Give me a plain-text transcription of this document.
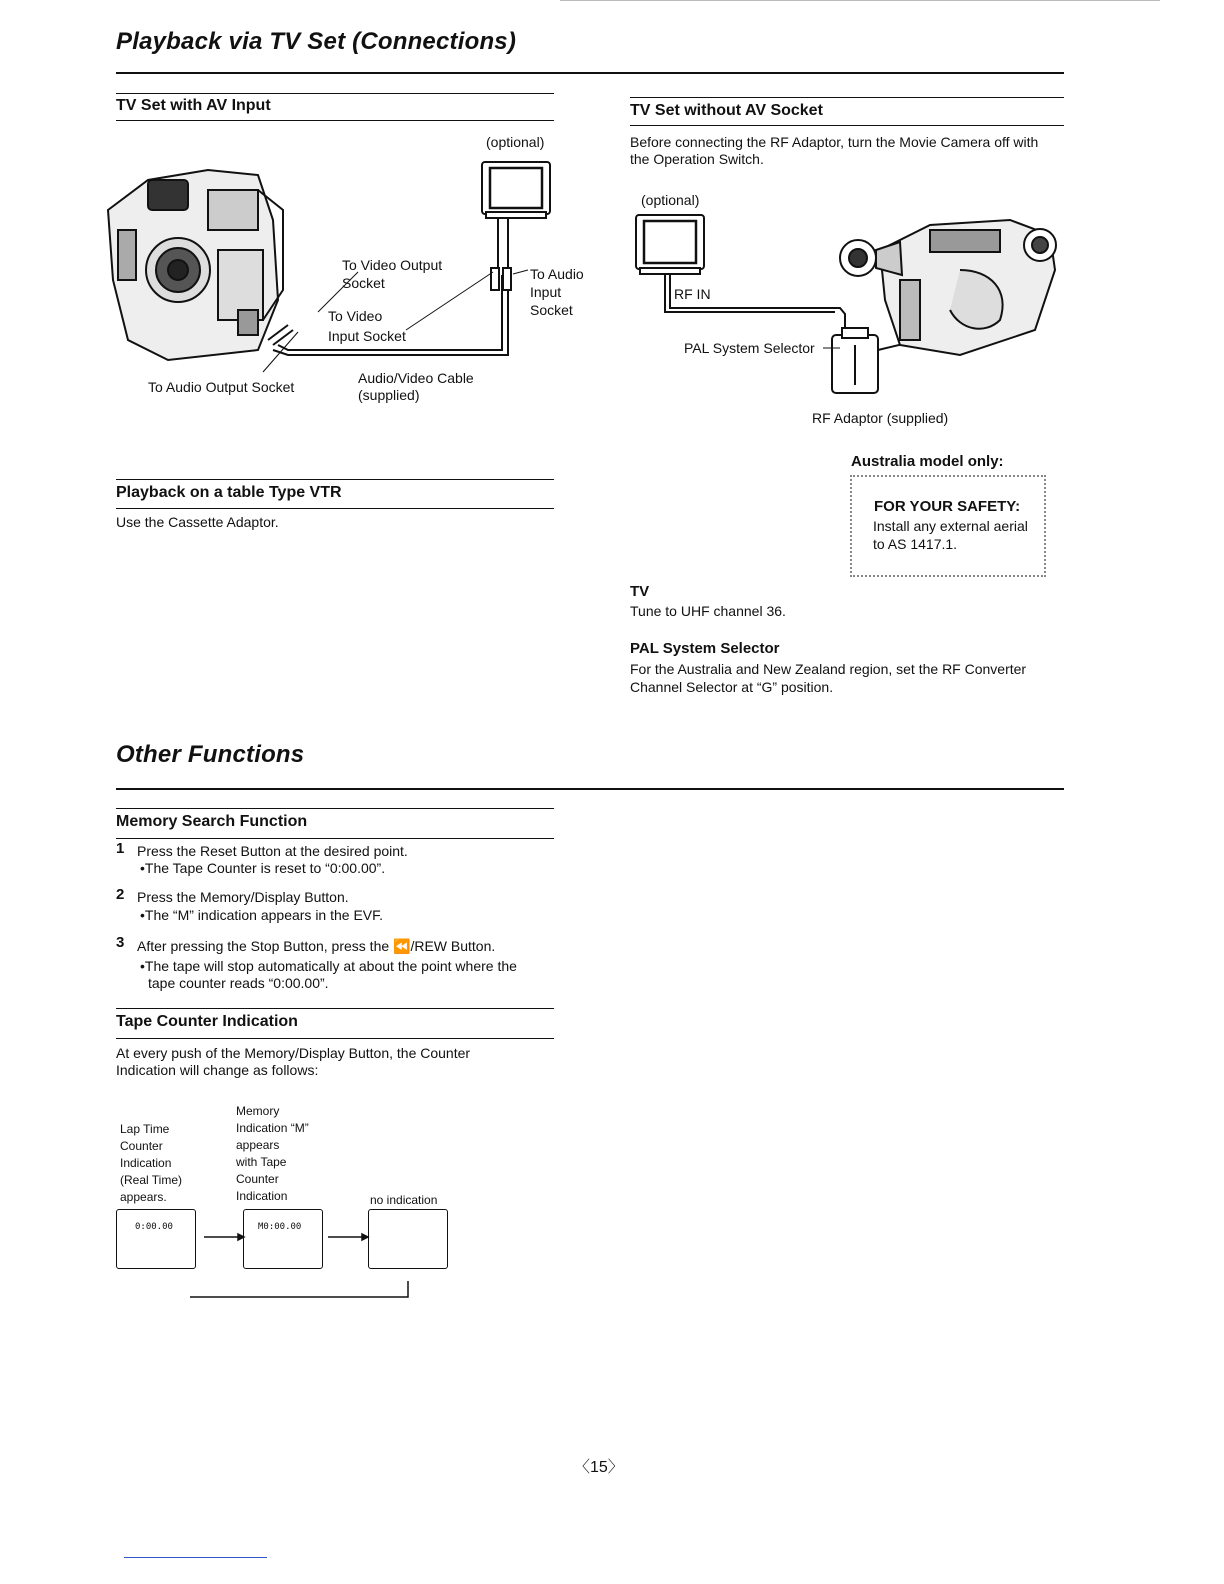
Playback via TV Set (Connections)
TV Set with AV Input
(optional)
To Video Output
Socket
To Audio
Input
Socket
To Video
Input Socket
To Audio Output Socket
Audio/Video Cable
(supplied)
TV Set without AV Socket
Before connecting the RF Adaptor, turn the Movie Camera off with
the Operation Switch.
(optional)
RF IN
PAL System Selector
RF Adaptor (supplied)
Australia model only:
FOR YOUR SAFETY:
Install any external aerial
to AS 1417.1.
TV
Tune to UHF channel 36.
PAL System Selector
For the Australia and New Zealand region, set the RF Converter
Channel Selector at “G” position.
Playback on a table Type VTR
Use the Cassette Adaptor.
Other Functions
Memory Search Function
1 Press the Reset Button at the desired point.
•The Tape Counter is reset to “0:00.00”.
2 Press the Memory/Display Button.
•The “M” indication appears in the EVF.
3 After pressing the Stop Button, press the ⏪/REW Button.
•The tape will stop automatically at about the point where the
tape counter reads “0:00.00”.
Tape Counter Indication
At every push of the Memory/Display Button, the Counter
Indication will change as follows:
Lap Time
Counter
Indication
(Real Time)
appears.
Memory
Indication “M”
appears
with Tape
Counter
Indication	no indication
0:00.00	M0:00.00
〈15〉
